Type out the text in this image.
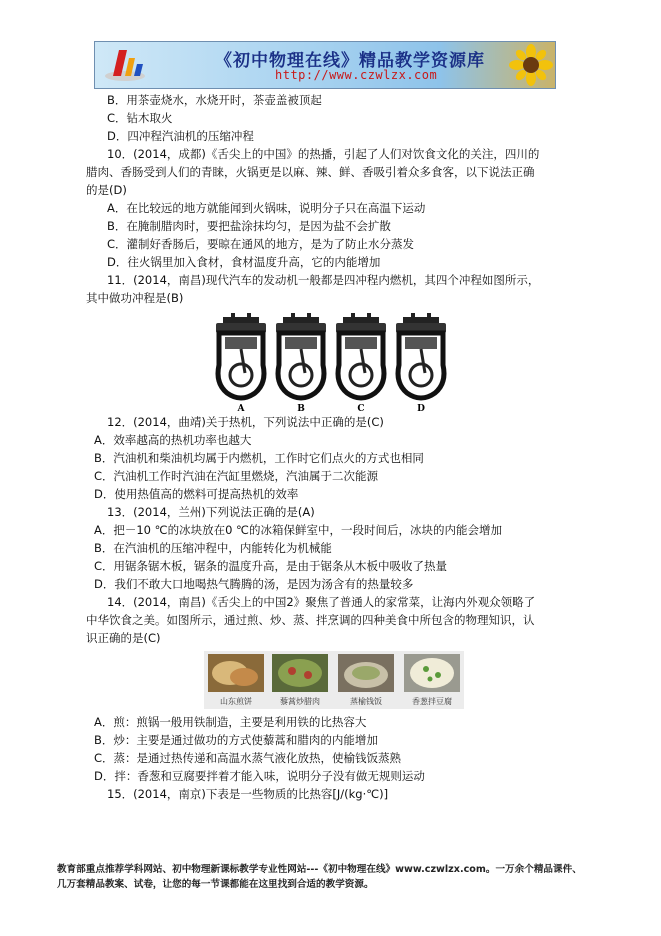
《初中物理在线》精品教学资源库
http://www.czwlzx.com
B．用茶壶烧水，水烧开时，茶壶盖被顶起
C．钻木取火
D．四冲程汽油机的压缩冲程
10．(2014，成都)《舌尖上的中国》的热播，引起了人们对饮食文化的关注，四川的
腊肉、香肠受到人们的青睐，火锅更是以麻、辣、鲜、香吸引着众多食客，以下说法正确
的是(D)
A．在比较远的地方就能闻到火锅味，说明分子只在高温下运动
B．在腌制腊肉时，要把盐涂抹均匀，是因为盐不会扩散
C．灌制好香肠后，要晾在通风的地方，是为了防止水分蒸发
D．往火锅里加入食材，食材温度升高，它的内能增加
11．(2014，南昌)现代汽车的发动机一般都是四冲程内燃机，其四个冲程如图所示，
其中做功冲程是(B)
A	B	C	D
12．(2014，曲靖)关于热机，下列说法中正确的是(C)
A．效率越高的热机功率也越大
B．汽油机和柴油机均属于内燃机，工作时它们点火的方式也相同
C．汽油机工作时汽油在汽缸里燃烧，汽油属于二次能源
D．使用热值高的燃料可提高热机的效率
13．(2014，兰州)下列说法正确的是(A)
A．把－10 ℃的冰块放在0 ℃的冰箱保鲜室中，一段时间后，冰块的内能会增加
B．在汽油机的压缩冲程中，内能转化为机械能
C．用锯条锯木板，锯条的温度升高，是由于锯条从木板中吸收了热量
D．我们不敢大口地喝热气腾腾的汤，是因为汤含有的热量较多
14．(2014，南昌)《舌尖上的中国2》聚焦了普通人的家常菜，让海内外观众领略了
中华饮食之美。如图所示，通过煎、炒、蒸、拌烹调的四种美食中所包含的物理知识，认
识正确的是(C)
山东煎饼	藜蒿炒腊肉	蒸榆钱饭	香葱拌豆腐
A．煎：煎锅一般用铁制造，主要是利用铁的比热容大
B．炒：主要是通过做功的方式使藜蒿和腊肉的内能增加
C．蒸：是通过热传递和高温水蒸气液化放热，使榆钱饭蒸熟
D．拌：香葱和豆腐要拌着才能入味，说明分子没有做无规则运动
15．(2014，南京)下表是一些物质的比热容[J/(kg·℃)]
教育部重点推荐学科网站、初中物理新课标教学专业性网站---《初中物理在线》www.czwlzx.com。一万余个精品课件、
几万套精品教案、试卷，让您的每一节课都能在这里找到合适的教学资源。
